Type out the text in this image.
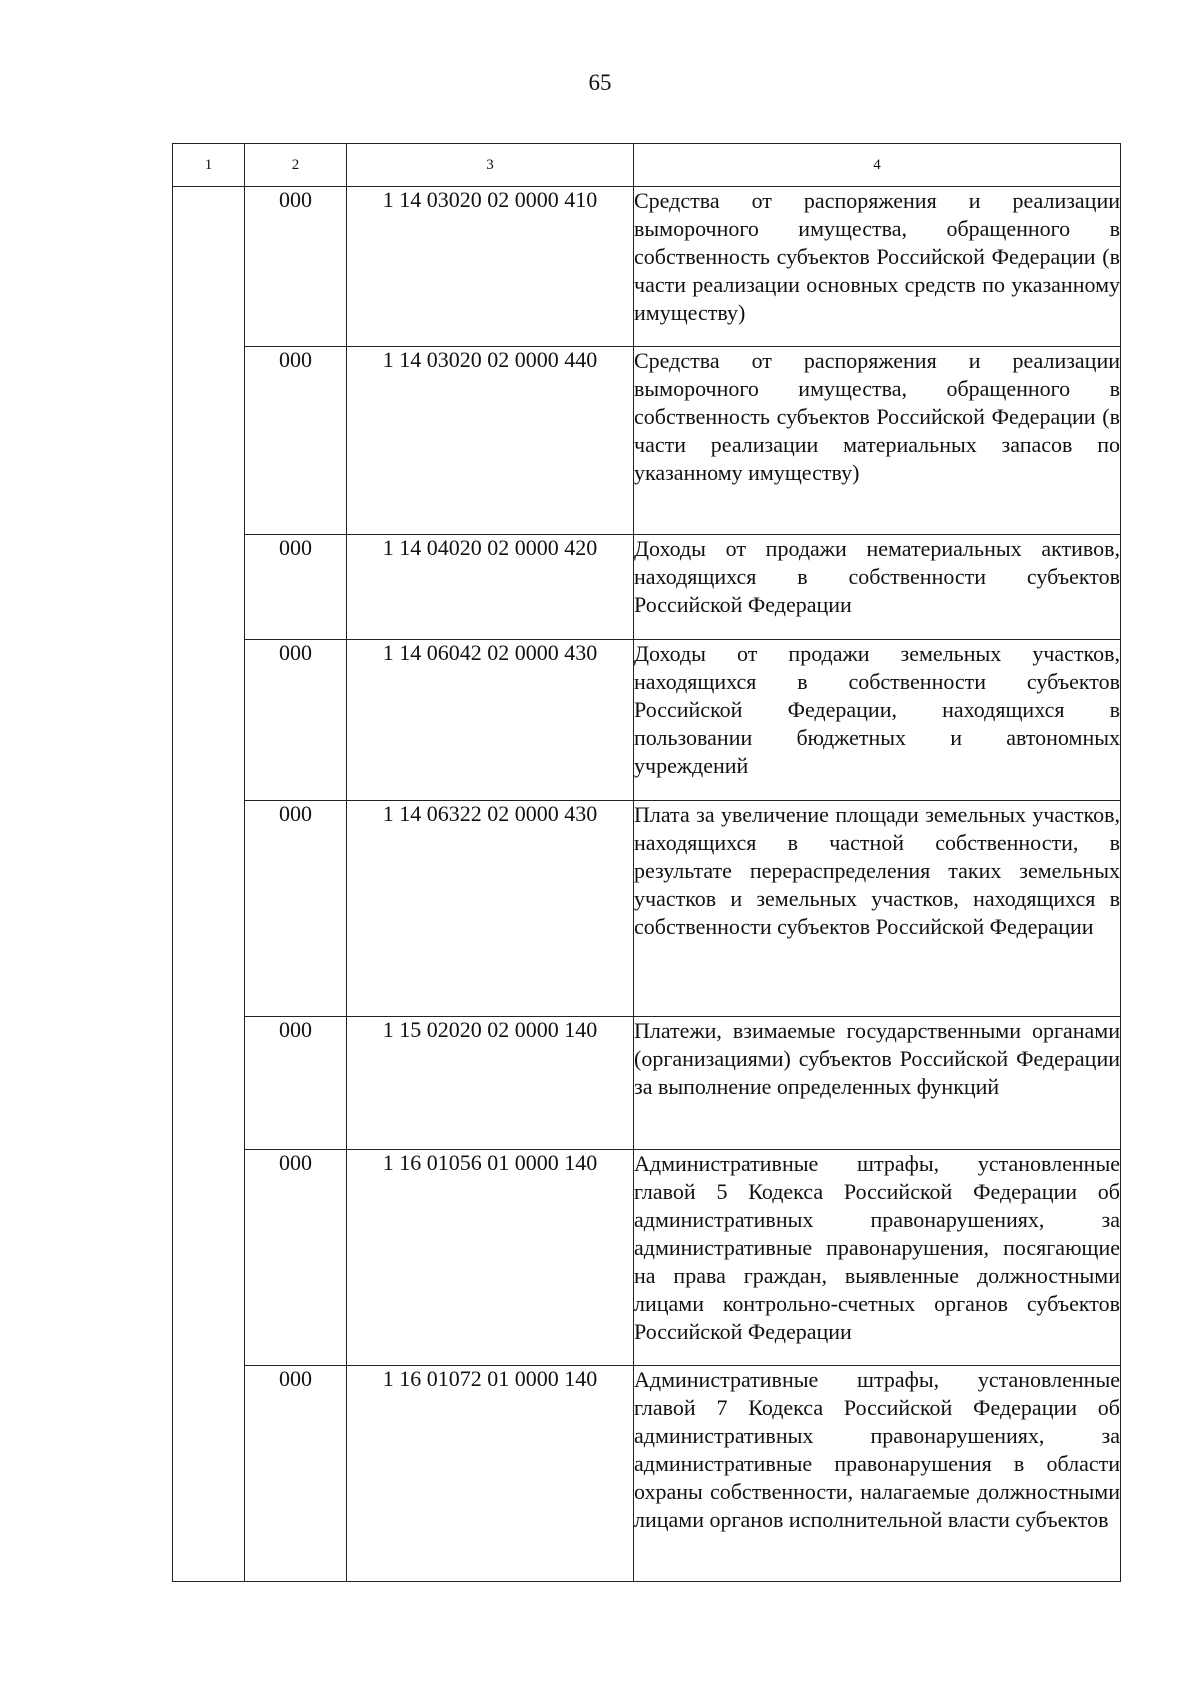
65
1	2	3	4
	000	1 14 03020 02 0000 410	Средства от распоряжения и реализации выморочного имущества, обращенного в собственность субъектов Российской Федерации (в части реализации основных средств по указанному имуществу)
	000	1 14 03020 02 0000 440	Средства от распоряжения и реализации выморочного имущества, обращенного в собственность субъектов Российской Федерации (в части реализации материальных запасов по указанному имуществу)
	000	1 14 04020 02 0000 420	Доходы от продажи нематериальных активов, находящихся в собственности субъектов Российской Федерации
	000	1 14 06042 02 0000 430	Доходы от продажи земельных участков, находящихся в собственности субъектов Российской Федерации, находящихся в пользовании бюджетных и автономных учреждений
	000	1 14 06322 02 0000 430	Плата за увеличение площади земельных участков, находящихся в частной собственности, в результате перераспределения таких земельных участков и земельных участков, находящихся в собственности субъектов Российской Федерации
	000	1 15 02020 02 0000 140	Платежи, взимаемые государственными органами (организациями) субъектов Российской Федерации за выполнение определенных функций
	000	1 16 01056 01 0000 140	Административные штрафы, установленные главой 5 Кодекса Российской Федерации об административных правонарушениях, за административные правонарушения, посягающие на права граждан, выявленные должностными лицами контрольно-счетных органов субъектов Российской Федерации
	000	1 16 01072 01 0000 140	Административные штрафы, установленные главой 7 Кодекса Российской Федерации об административных правонарушениях, за административные правонарушения в области охраны собственности, налагаемые должностными лицами органов исполнительной власти субъектов
